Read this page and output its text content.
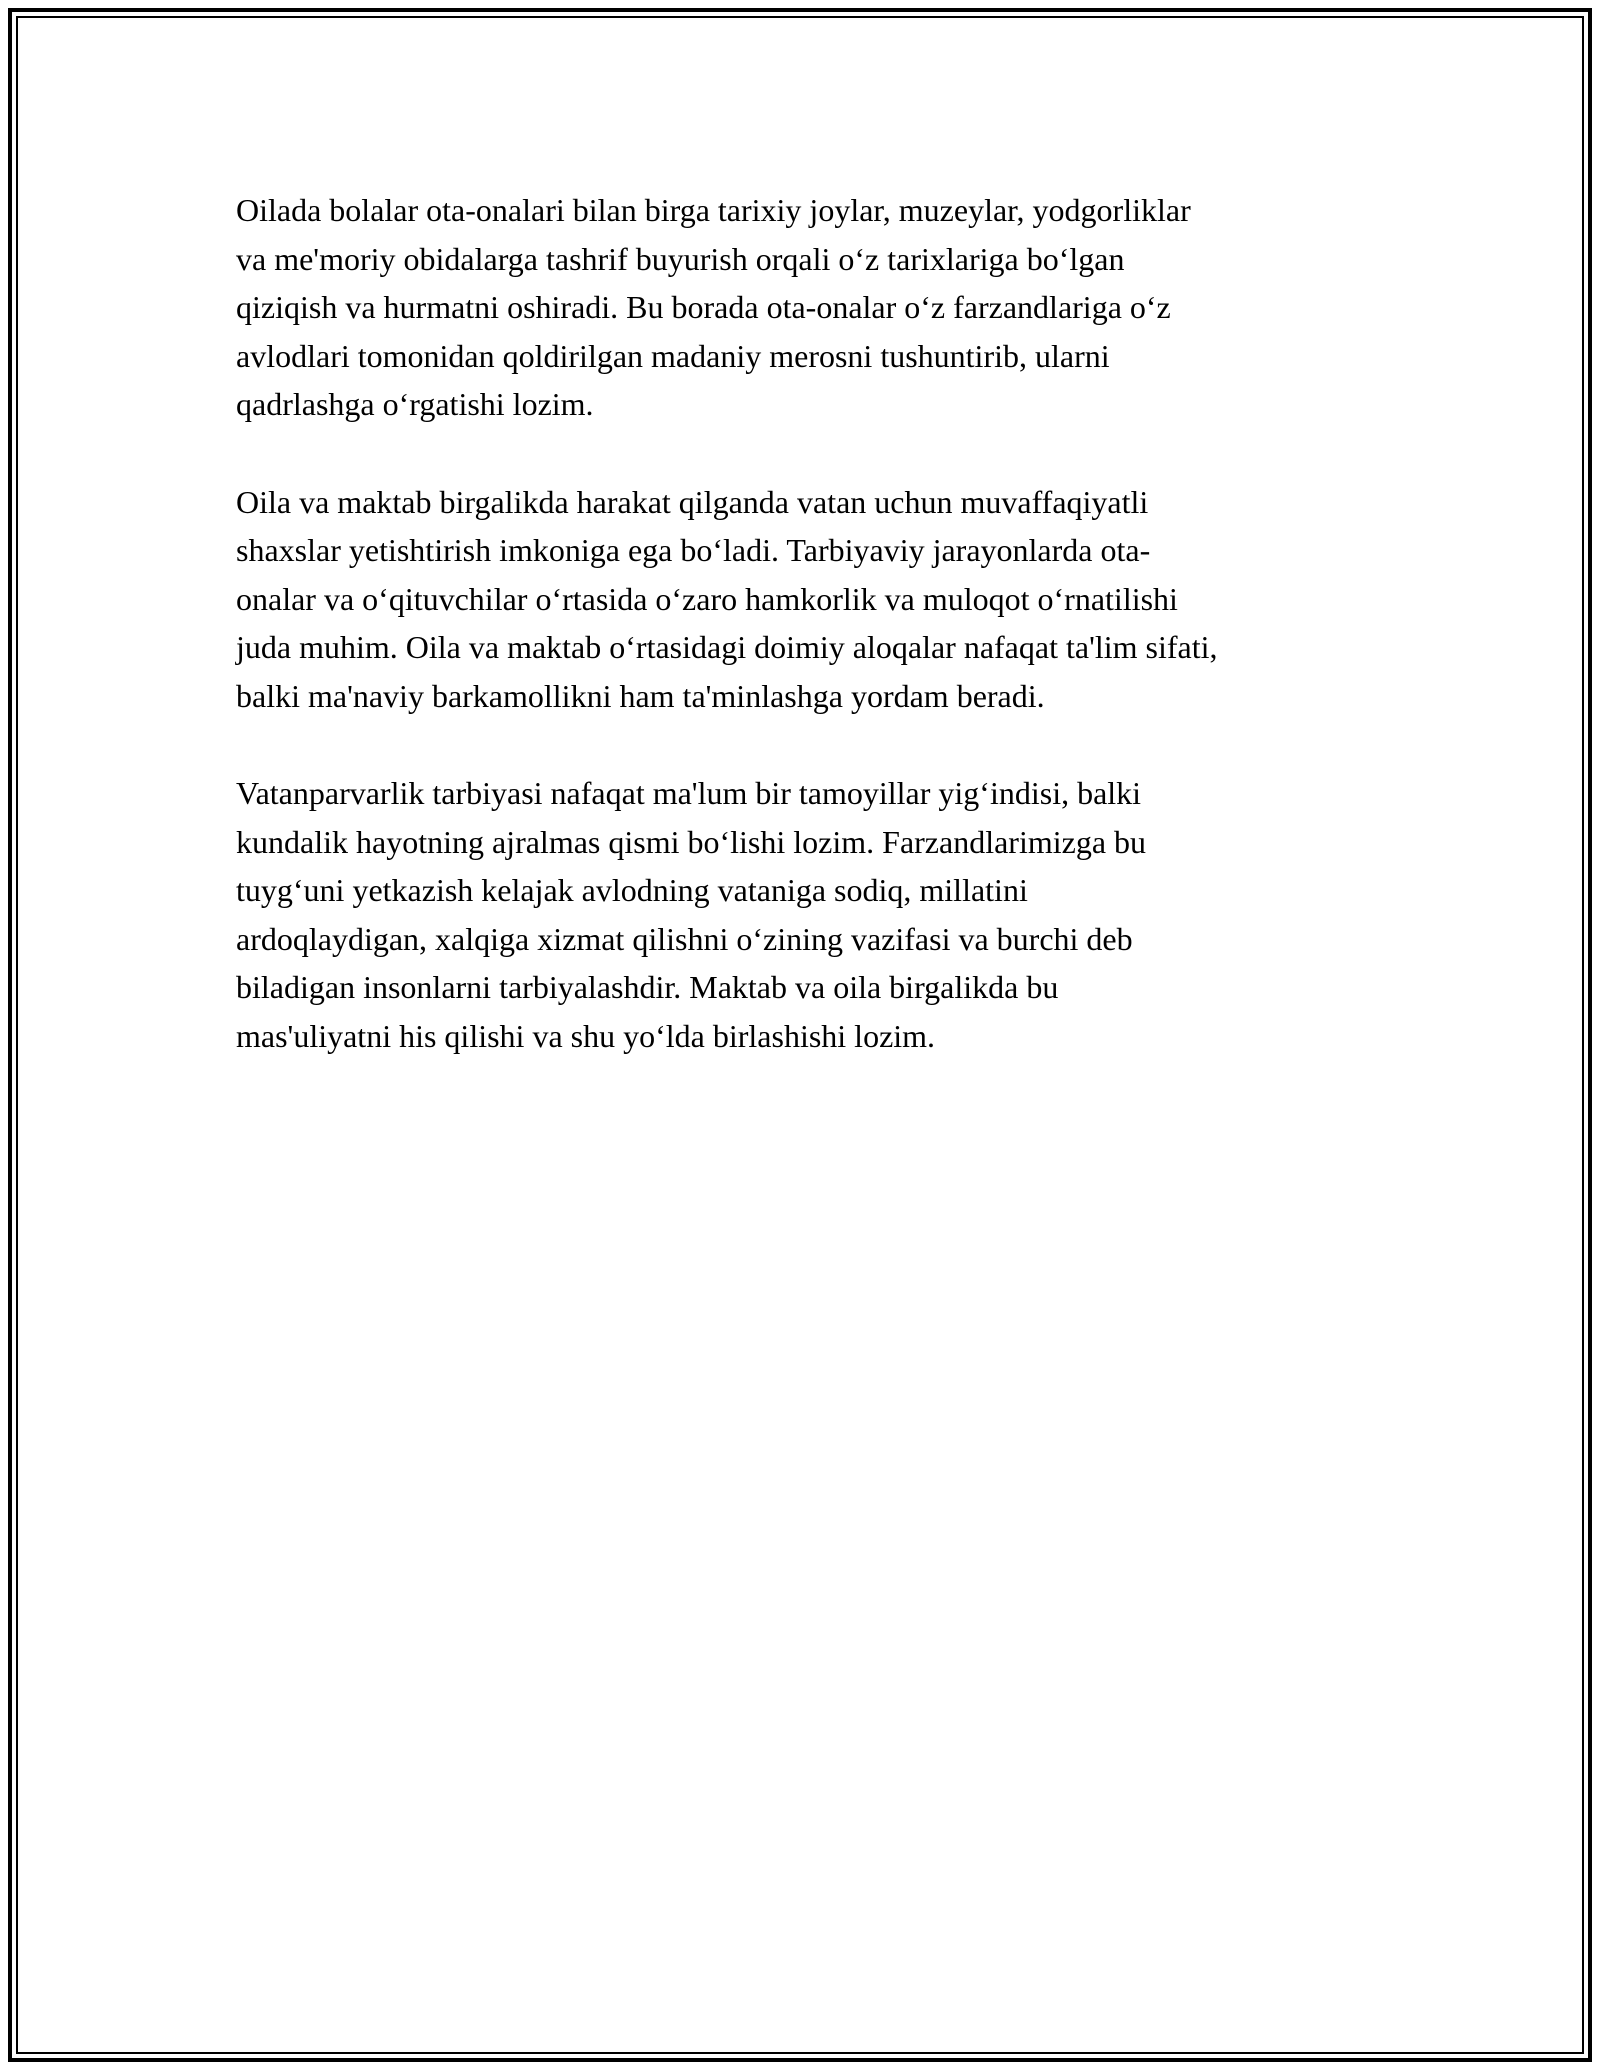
Oilada bolalar ota-onalari bilan birga tarixiy joylar, muzeylar, yodgorliklar
va me'moriy obidalarga tashrif buyurish orqali o‘z tarixlariga bo‘lgan
qiziqish va hurmatni oshiradi. Bu borada ota-onalar o‘z farzandlariga o‘z
avlodlari tomonidan qoldirilgan madaniy merosni tushuntirib, ularni
qadrlashga o‘rgatishi lozim.

Oila va maktab birgalikda harakat qilganda vatan uchun muvaffaqiyatli
shaxslar yetishtirish imkoniga ega bo‘ladi. Tarbiyaviy jarayonlarda ota-
onalar va o‘qituvchilar o‘rtasida o‘zaro hamkorlik va muloqot o‘rnatilishi
juda muhim. Oila va maktab o‘rtasidagi doimiy aloqalar nafaqat ta'lim sifati,
balki ma'naviy barkamollikni ham ta'minlashga yordam beradi.

Vatanparvarlik tarbiyasi nafaqat ma'lum bir tamoyillar yig‘indisi, balki
kundalik hayotning ajralmas qismi bo‘lishi lozim. Farzandlarimizga bu
tuyg‘uni yetkazish kelajak avlodning vataniga sodiq, millatini
ardoqlaydigan, xalqiga xizmat qilishni o‘zining vazifasi va burchi deb
biladigan insonlarni tarbiyalashdir. Maktab va oila birgalikda bu
mas'uliyatni his qilishi va shu yo‘lda birlashishi lozim.
